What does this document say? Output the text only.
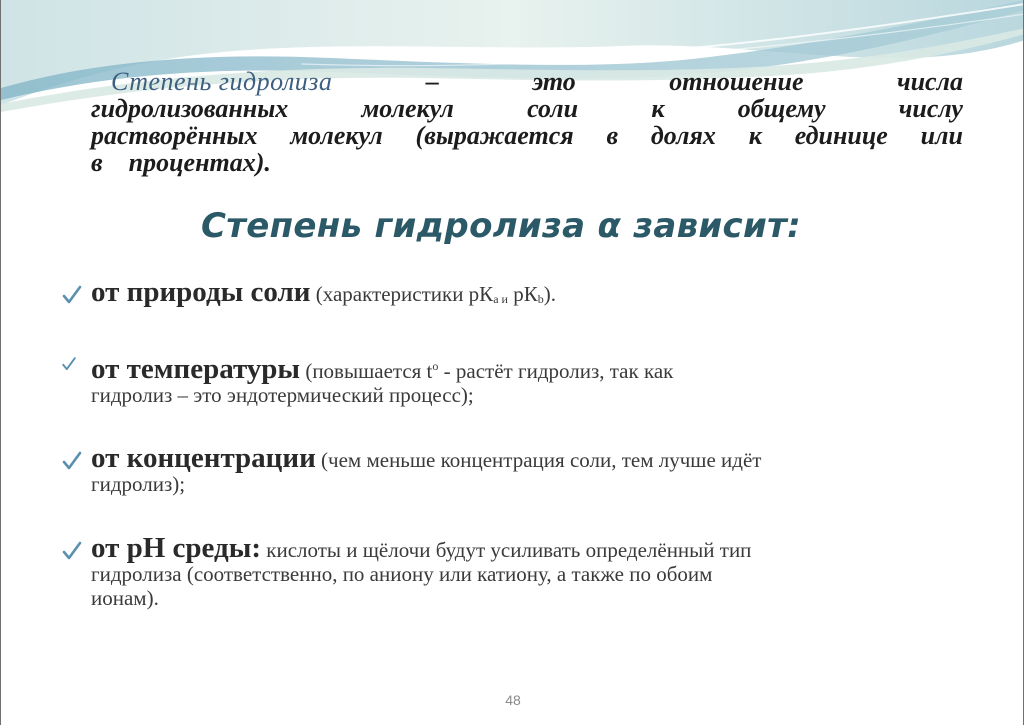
Степень гидролиза	–	это	отношение	числа
гидролизованных	молекул	соли	к	общему	числу
растворённых молекул (выражается в долях к единице или
в процентах).
Степень гидролиза α зависит:
от природы соли (характеристики рКа и рКb).
от температуры (повышается $t^o$ - растёт гидролиз, так как
гидролиз – это эндотермический процесс);
от концентрации (чем меньше концентрация соли, тем лучше идёт
гидролиз);
от рН среды: кислоты и щёлочи будут усиливать определённый тип
гидролиза (соответственно, по аниону или катиону, а также по обоим
ионам).
48
